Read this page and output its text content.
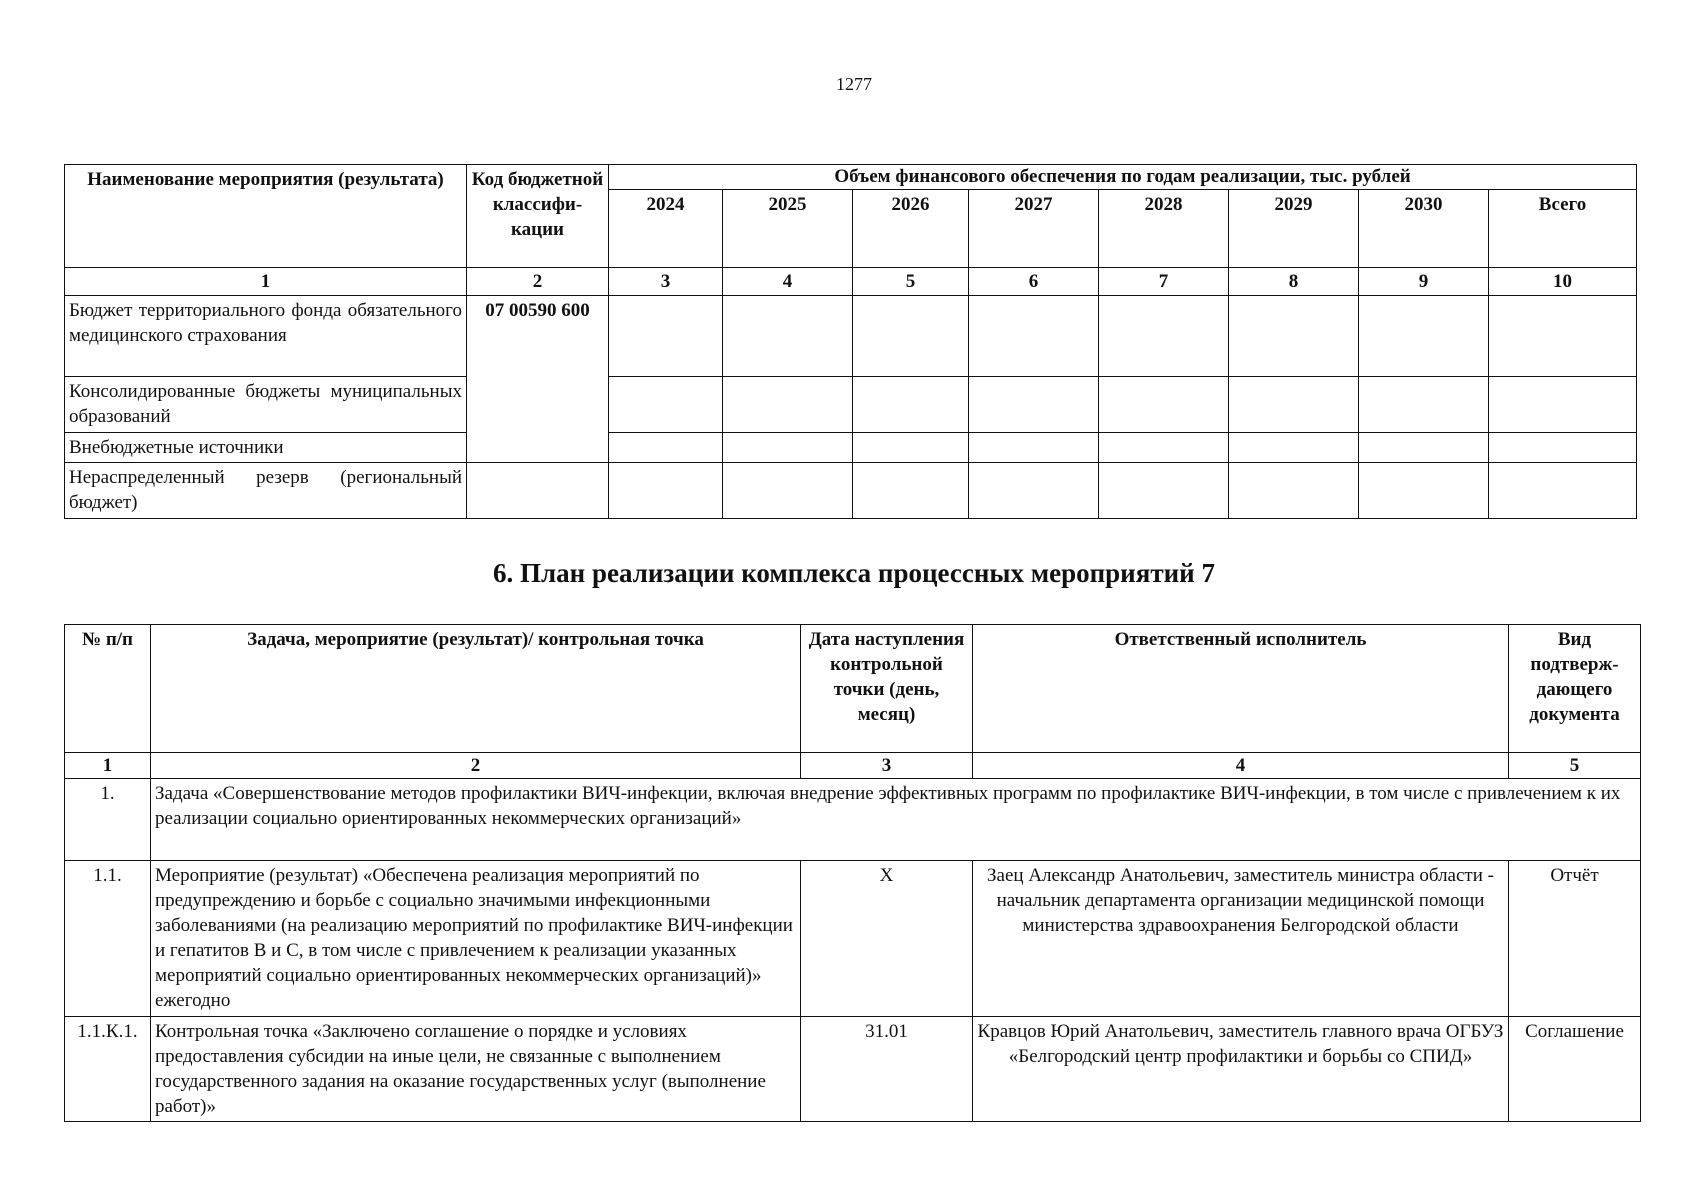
1277
Наименование мероприятия (результата)	Код бюджетной классифи-кации	Объем финансового обеспечения по годам реализации, тыс. рублей							
		2024	2025	2026	2027	2028	2029	2030	Всего
1	2	3	4	5	6	7	8	9	10
Бюджет территориального фонда обязательного медицинского страхования	07 00590 600								
Консолидированные бюджеты муниципальных образований									
Внебюджетные источники									
Нераспределенный резерв (региональный бюджет)									
6. План реализации комплекса процессных мероприятий 7
№ п/п	Задача, мероприятие (результат)/ контрольная точка	Дата наступления контрольной точки (день, месяц)	Ответственный исполнитель	Вид подтверж-дающего документа
1	2	3	4	5
1.	Задача «Совершенствование методов профилактики ВИЧ-инфекции, включая внедрение эффективных программ по профилактике ВИЧ-инфекции, в том числе с привлечением к их реализации социально ориентированных некоммерческих организаций»			
1.1.	Мероприятие (результат) «Обеспечена реализация мероприятий по предупреждению и борьбе с социально значимыми инфекционными заболеваниями (на реализацию мероприятий по профилактике ВИЧ-инфекции и гепатитов В и С, в том числе с привлечением к реализации указанных мероприятий социально ориентированных некоммерческих организаций)» ежегодно	X	Заец Александр Анатольевич, заместитель министра области - начальник департамента организации медицинской помощи министерства здравоохранения Белгородской области	Отчёт
1.1.К.1.	Контрольная точка «Заключено соглашение о порядке и условиях предоставления субсидии на иные цели, не связанные с выполнением государственного задания на оказание государственных услуг (выполнение работ)»	31.01	Кравцов Юрий Анатольевич, заместитель главного врача ОГБУЗ «Белгородский центр профилактики и борьбы со СПИД»	Соглашение
